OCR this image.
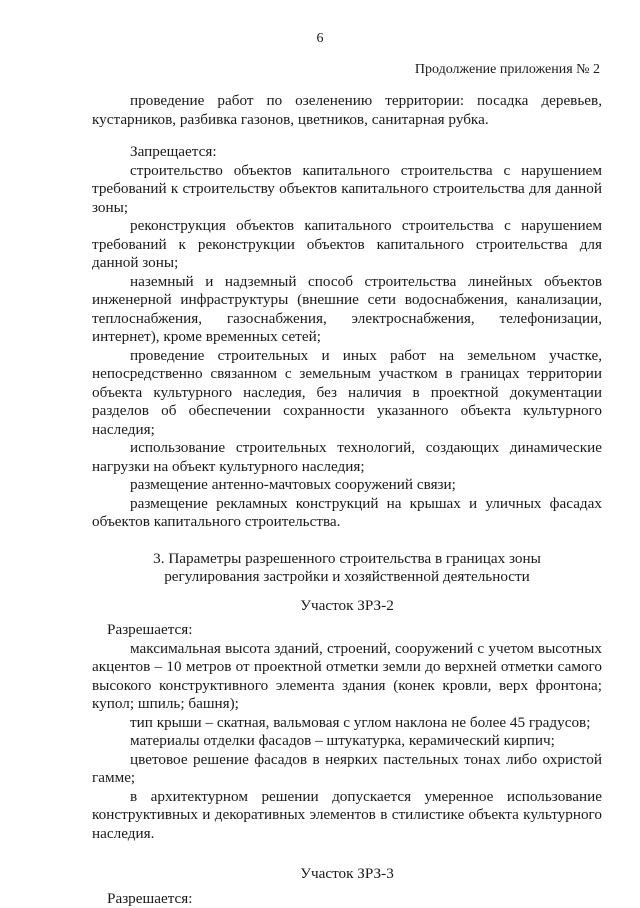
6
Продолжение приложения № 2

проведение работ по озеленению территории: посадка деревьев, кустарников, разбивка газонов, цветников, санитарная рубка.

Запрещается:

строительство объектов капитального строительства с нарушением требований к строительству объектов капитального строительства для данной зоны;

реконструкция объектов капитального строительства с нарушением требований к реконструкции объектов капитального строительства для данной зоны;

наземный и надземный способ строительства линейных объектов инженерной инфраструктуры (внешние сети водоснабжения, канализации, теплоснабжения, газоснабжения, электроснабжения, телефонизации, интернет), кроме временных сетей;

проведение строительных и иных работ на земельном участке, непосредственно связанном с земельным участком в границах территории объекта культурного наследия, без наличия в проектной документации разделов об обеспечении сохранности указанного объекта культурного наследия;

использование строительных технологий, создающих динамические нагрузки на объект культурного наследия;

размещение антенно-мачтовых сооружений связи;

размещение рекламных конструкций на крышах и уличных фасадах объектов капитального строительства.

3. Параметры разрешенного строительства в границах зоны

регулирования застройки и хозяйственной деятельности

Участок ЗРЗ-2

Разрешается:

максимальная высота зданий, строений, сооружений с учетом высотных акцентов – 10 метров от проектной отметки земли до верхней отметки самого высокого конструктивного элемента здания (конек кровли, верх фронтона; купол; шпиль; башня);

тип крыши – скатная, вальмовая с углом наклона не более 45 градусов;

материалы отделки фасадов – штукатурка, керамический кирпич;

цветовое решение фасадов в неярких пастельных тонах либо охристой гамме;

в архитектурном решении допускается умеренное использование конструктивных и декоративных элементов в стилистике объекта культурного наследия.

Участок ЗРЗ-3

Разрешается:
